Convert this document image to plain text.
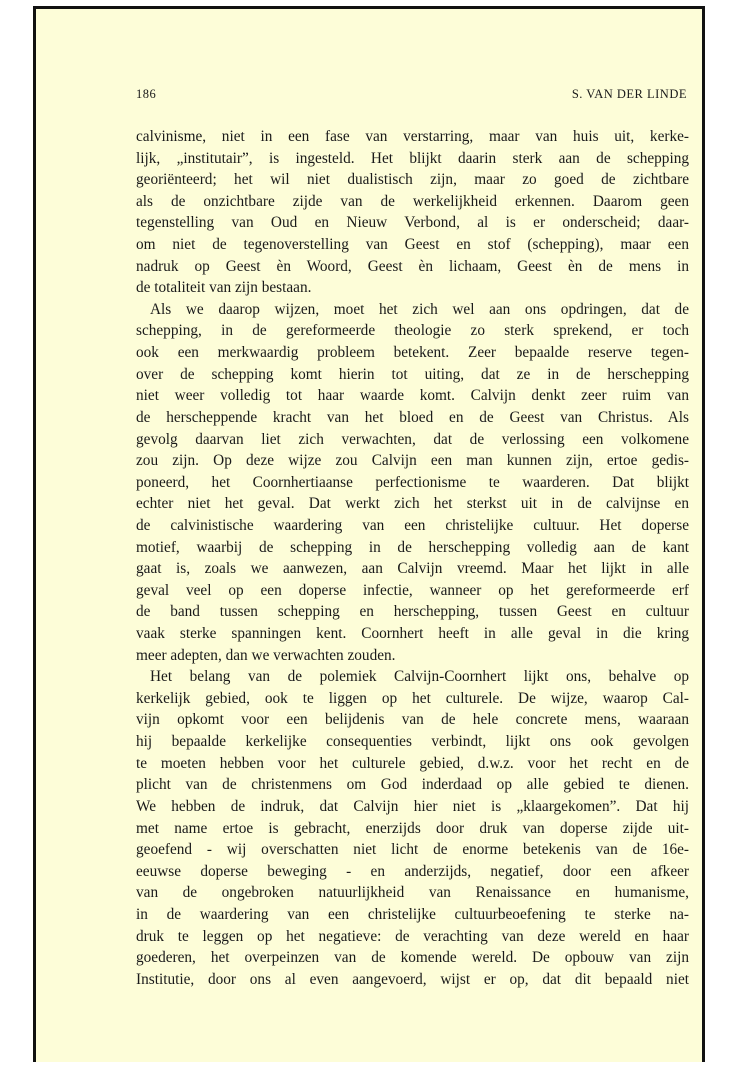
186	S. VAN DER LINDE
calvinisme, niet in een fase van verstarring, maar van huis uit, kerke-
lijk, „institutair”, is ingesteld. Het blijkt daarin sterk aan de schepping
georiënteerd; het wil niet dualistisch zijn, maar zo goed de zichtbare
als de onzichtbare zijde van de werkelijkheid erkennen. Daarom geen
tegenstelling van Oud en Nieuw Verbond, al is er onderscheid; daar-
om niet de tegenoverstelling van Geest en stof (schepping), maar een
nadruk op Geest èn Woord, Geest èn lichaam, Geest èn de mens in
de totaliteit van zijn bestaan.
Als we daarop wijzen, moet het zich wel aan ons opdringen, dat de
schepping, in de gereformeerde theologie zo sterk sprekend, er toch
ook een merkwaardig probleem betekent. Zeer bepaalde reserve tegen-
over de schepping komt hierin tot uiting, dat ze in de herschepping
niet weer volledig tot haar waarde komt. Calvijn denkt zeer ruim van
de herscheppende kracht van het bloed en de Geest van Christus. Als
gevolg daarvan liet zich verwachten, dat de verlossing een volkomene
zou zijn. Op deze wijze zou Calvijn een man kunnen zijn, ertoe gedis-
poneerd, het Coornhertiaanse perfectionisme te waarderen. Dat blijkt
echter niet het geval. Dat werkt zich het sterkst uit in de calvijnse en
de calvinistische waardering van een christelijke cultuur. Het doperse
motief, waarbij de schepping in de herschepping volledig aan de kant
gaat is, zoals we aanwezen, aan Calvijn vreemd. Maar het lijkt in alle
geval veel op een doperse infectie, wanneer op het gereformeerde erf
de band tussen schepping en herschepping, tussen Geest en cultuur
vaak sterke spanningen kent. Coornhert heeft in alle geval in die kring
meer adepten, dan we verwachten zouden.
Het belang van de polemiek Calvijn-Coornhert lijkt ons, behalve op
kerkelijk gebied, ook te liggen op het culturele. De wijze, waarop Cal-
vijn opkomt voor een belijdenis van de hele concrete mens, waaraan
hij bepaalde kerkelijke consequenties verbindt, lijkt ons ook gevolgen
te moeten hebben voor het culturele gebied, d.w.z. voor het recht en de
plicht van de christenmens om God inderdaad op alle gebied te dienen.
We hebben de indruk, dat Calvijn hier niet is „klaargekomen”. Dat hij
met name ertoe is gebracht, enerzijds door druk van doperse zijde uit-
geoefend - wij overschatten niet licht de enorme betekenis van de 16e-
eeuwse doperse beweging - en anderzijds, negatief, door een afkeer
van de ongebroken natuurlijkheid van Renaissance en humanisme,
in de waardering van een christelijke cultuurbeoefening te sterke na-
druk te leggen op het negatieve: de verachting van deze wereld en haar
goederen, het overpeinzen van de komende wereld. De opbouw van zijn
Institutie, door ons al even aangevoerd, wijst er op, dat dit bepaald niet
